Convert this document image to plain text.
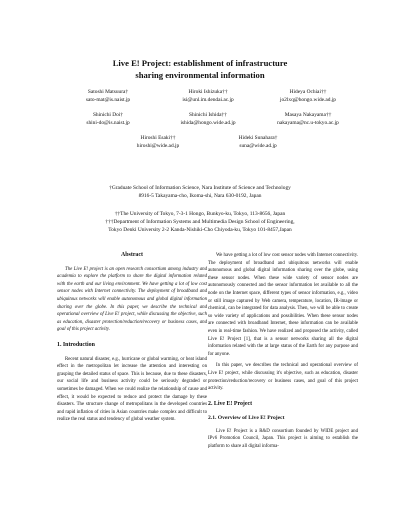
Live E! Project: establishment of infrastructure
sharing environmental information
Satoshi Matsuura†
sato-mat@is.naist.jp
Hiroki Ishizuka††
isi@unl.im.dendai.ac.jp
Hideya Ochiai††
jo2lxq@hongo.wide.ad.jp
Shinichi Doi†
shini-do@is.naist.jp
Shinichi Ishida††
ishida@hongo.wide.ad.jp
Masaya Nakayama††
nakayama@nc.u-tokyo.ac.jp
Hiroshi Esaki††
hiroshi@wide.ad.jp
Hideki Sunahara†
suna@wide.ad.jp
†Graduate School of Information Science, Nara Institute of Science and Technology
8916-5 Takayama-cho, Ikoma-shi, Nara 630-0192, Japan
††The University of Tokyo, 7-3-1 Hongo, Bunkyo-ku, Tokyo, 113-8656, Japan
†††Department of Information Systems and Multimedia Design School of Engineering,
Tokyo Denki University 2-2 Kanda-Nishiki-Cho Chiyoda-ku, Tokyo 101-8457,Japan
Abstract

The Live E! project is an open research consortium among industry and academia to explore the platform to share the digital information related with the earth and our living environment. We have getting a lot of low cost sensor nodes with Internet connectivity. The deployment of broadband and ubiquitous networks will enable autonomous and global digital information sharing over the globe. In this paper, we describe the technical and operational overview of Live E! project, while discussing the objective, such as education, disaster protection/reduction/recovery or business cases, and goal of this project activity.

1. Introduction

Recent natural disaster, e.g., hurricane or global warming, or heat island effect in the metropolitan let increase the attention and interesting on grasping the detailed status of space. This is because, due to these disasters, our social life and business activity could be seriously degraded or sometimes be damaged. When we could realize the relationship of cause and effect, it would be expected to reduce and protect the damage by these disasters. The structure change of metropolitans in the developed countries and rapid inflation of cities in Asian countries make complex and difficult to realize the real status and tendency of global weather system.

We have getting a lot of low cost sensor nodes with Internet connectivity. The deployment of broadband and ubiquitous networks will enable autonomous and global digital information sharing over the globe, using these sensor nodes. When these wide variety of sensor nodes are autonomously connected and the sensor information let available to all the node on the Internet space, different types of sensor information, e.g., video or still image captured by Web camera, temperature, location, IR-image or chemical, can be integrated for data analysis. Then, we will be able to create so wide variety of applications and possibilities. When these sensor nodes are connected with broadband Internet, these information can be available even in real-time fashion. We have realized and proposed the activity, called Live E! Project [1], that is a sensor networks sharing all the digital information related with the at large status of the Earth for any purpose and for anyone.

In this paper, we describes the technical and operational overview of Live E! project, while discussing it's objective, such as education, disaster protection/reduction/recovery or business cases, and goal of this project activity.

2. Live E! Project
2.1. Overview of Live E! Project

Live E! Project is a R&D consortium founded by WIDE project and IPv6 Promotion Council, Japan. This project is aiming to establish the platform to share all digital informa-
